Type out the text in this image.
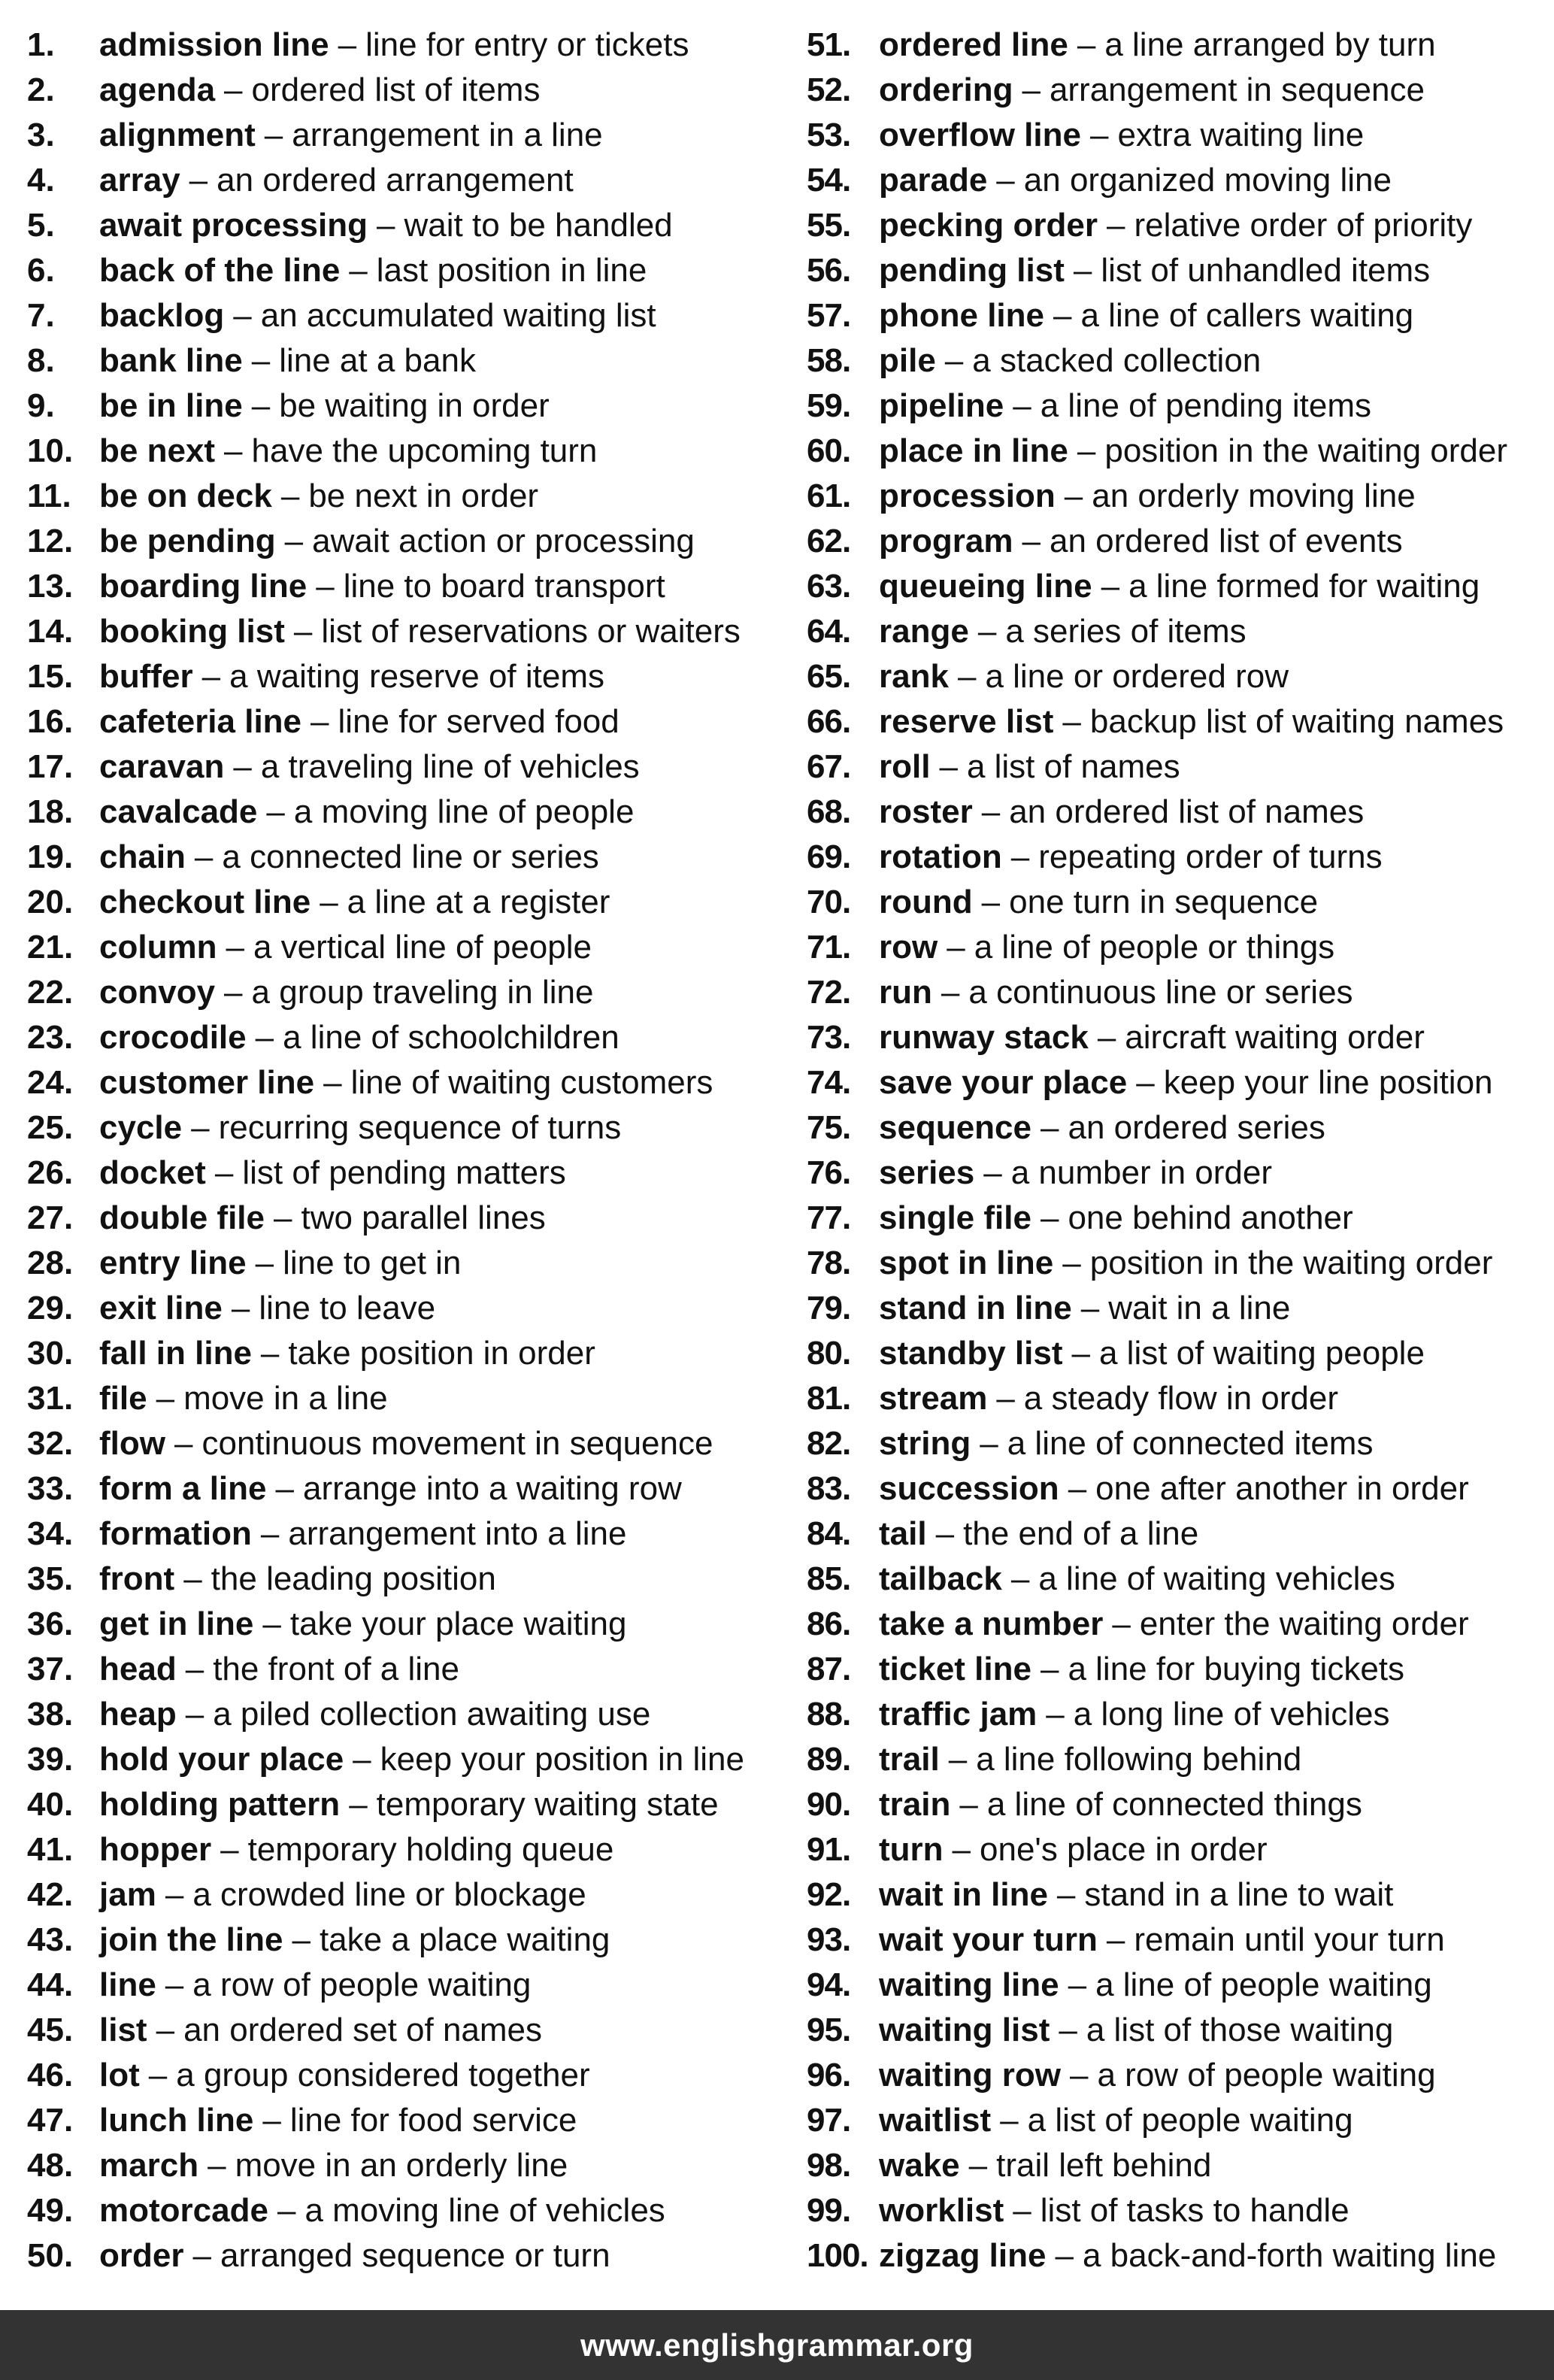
1.	admission line – line for entry or tickets
2.	agenda – ordered list of items
3.	alignment – arrangement in a line
4.	array – an ordered arrangement
5.	await processing – wait to be handled
6.	back of the line – last position in line
7.	backlog – an accumulated waiting list
8.	bank line – line at a bank
9.	be in line – be waiting in order
10. be next – have the upcoming turn
11. be on deck – be next in order
12. be pending – await action or processing
13. boarding line – line to board transport
14. booking list – list of reservations or waiters
15. buffer – a waiting reserve of items
16. cafeteria line – line for served food
17. caravan – a traveling line of vehicles
18. cavalcade – a moving line of people
19. chain – a connected line or series
20. checkout line – a line at a register
21. column – a vertical line of people
22. convoy – a group traveling in line
23. crocodile – a line of schoolchildren
24. customer line – line of waiting customers
25. cycle – recurring sequence of turns
26. docket – list of pending matters
27. double file – two parallel lines
28. entry line – line to get in
29. exit line – line to leave
30. fall in line – take position in order
31. file – move in a line
32. flow – continuous movement in sequence
33. form a line – arrange into a waiting row
34. formation – arrangement into a line
35. front – the leading position
36. get in line – take your place waiting
37. head – the front of a line
38. heap – a piled collection awaiting use
39. hold your place – keep your position in line
40. holding pattern – temporary waiting state
41. hopper – temporary holding queue
42. jam – a crowded line or blockage
43. join the line – take a place waiting
44. line – a row of people waiting
45. list – an ordered set of names
46. lot – a group considered together
47. lunch line – line for food service
48. march – move in an orderly line
49. motorcade – a moving line of vehicles
50. order – arranged sequence or turn
51. ordered line – a line arranged by turn
52. ordering – arrangement in sequence
53. overflow line – extra waiting line
54. parade – an organized moving line
55. pecking order – relative order of priority
56. pending list – list of unhandled items
57. phone line – a line of callers waiting
58. pile – a stacked collection
59. pipeline – a line of pending items
60. place in line – position in the waiting order
61. procession – an orderly moving line
62. program – an ordered list of events
63. queueing line – a line formed for waiting
64. range – a series of items
65. rank – a line or ordered row
66. reserve list – backup list of waiting names
67. roll – a list of names
68. roster – an ordered list of names
69. rotation – repeating order of turns
70. round – one turn in sequence
71. row – a line of people or things
72. run – a continuous line or series
73. runway stack – aircraft waiting order
74. save your place – keep your line position
75. sequence – an ordered series
76. series – a number in order
77. single file – one behind another
78. spot in line – position in the waiting order
79. stand in line – wait in a line
80. standby list – a list of waiting people
81. stream – a steady flow in order
82. string – a line of connected items
83. succession – one after another in order
84. tail – the end of a line
85. tailback – a line of waiting vehicles
86. take a number – enter the waiting order
87. ticket line – a line for buying tickets
88. traffic jam – a long line of vehicles
89. trail – a line following behind
90. train – a line of connected things
91. turn – one's place in order
92. wait in line – stand in a line to wait
93. wait your turn – remain until your turn
94. waiting line – a line of people waiting
95. waiting list – a list of those waiting
96. waiting row – a row of people waiting
97. waitlist – a list of people waiting
98. wake – trail left behind
99. worklist – list of tasks to handle
100. zigzag line – a back-and-forth waiting line
www.englishgrammar.org
